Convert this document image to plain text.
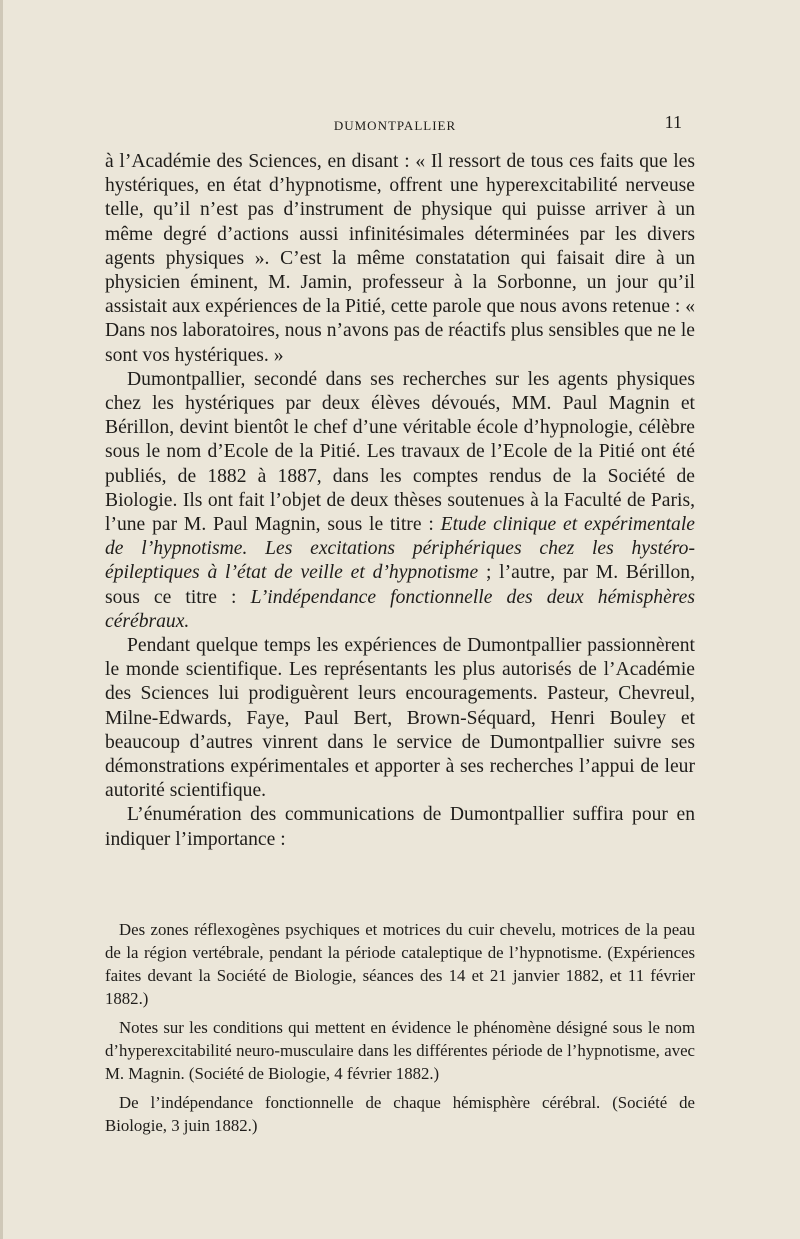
DUMONTPALLIER	11

à l’Académie des Sciences, en disant : « Il ressort de tous ces faits que les hystériques, en état d’hypnotisme, offrent une hyperexcitabilité nerveuse telle, qu’il n’est pas d’instrument de physique qui puisse arriver à un même degré d’actions aussi infinitésimales déterminées par les divers agents physiques ». C’est la même constatation qui faisait dire à un physicien éminent, M. Jamin, professeur à la Sorbonne, un jour qu’il assistait aux expériences de la Pitié, cette parole que nous avons retenue : « Dans nos laboratoires, nous n’avons pas de réactifs plus sensibles que ne le sont vos hystériques. »

Dumontpallier, secondé dans ses recherches sur les agents physiques chez les hystériques par deux élèves dévoués, MM. Paul Magnin et Bérillon, devint bientôt le chef d’une véritable école d’hypnologie, célèbre sous le nom d’Ecole de la Pitié. Les travaux de l’Ecole de la Pitié ont été publiés, de 1882 à 1887, dans les comptes rendus de la Société de Biologie. Ils ont fait l’objet de deux thèses soutenues à la Faculté de Paris, l’une par M. Paul Magnin, sous le titre : Etude clinique et expérimentale de l’hypnotisme. Les excitations périphériques chez les hystéro-épileptiques à l’état de veille et d’hypnotisme ; l’autre, par M. Bérillon, sous ce titre : L’indépendance fonctionnelle des deux hémisphères cérébraux.

Pendant quelque temps les expériences de Dumontpallier passionnèrent le monde scientifique. Les représentants les plus autorisés de l’Académie des Sciences lui prodiguèrent leurs encouragements. Pasteur, Chevreul, Milne-Edwards, Faye, Paul Bert, Brown-Séquard, Henri Bouley et beaucoup d’autres vinrent dans le service de Dumontpallier suivre ses démonstrations expérimentales et apporter à ses recherches l’appui de leur autorité scientifique.

L’énumération des communications de Dumontpallier suffira pour en indiquer l’importance :

Des zones réflexogènes psychiques et motrices du cuir chevelu, motrices de la peau de la région vertébrale, pendant la période cataleptique de l’hypnotisme. (Expériences faites devant la Société de Biologie, séances des 14 et 21 janvier 1882, et 11 février 1882.)

Notes sur les conditions qui mettent en évidence le phénomène désigné sous le nom d’hyperexcitabilité neuro-musculaire dans les différentes période de l’hypnotisme, avec M. Magnin. (Société de Biologie, 4 février 1882.)

De l’indépendance fonctionnelle de chaque hémisphère cérébral. (Société de Biologie, 3 juin 1882.)
